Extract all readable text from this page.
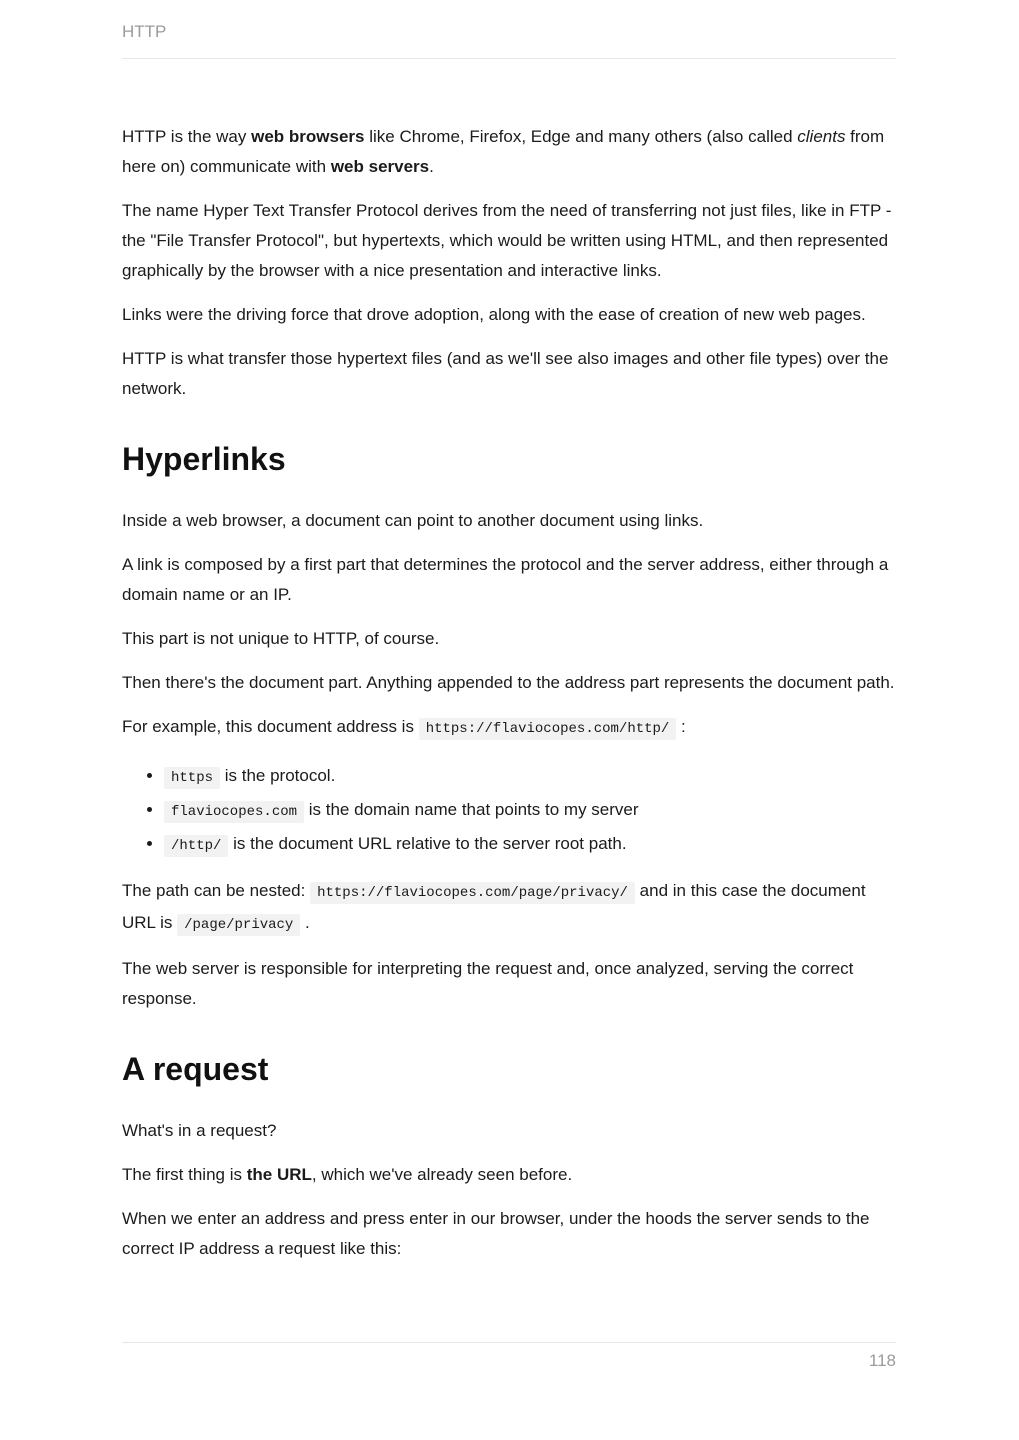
HTTP

HTTP is the way web browsers like Chrome, Firefox, Edge and many others (also called clients from here on) communicate with web servers.

The name Hyper Text Transfer Protocol derives from the need of transferring not just files, like in FTP - the "File Transfer Protocol", but hypertexts, which would be written using HTML, and then represented graphically by the browser with a nice presentation and interactive links.

Links were the driving force that drove adoption, along with the ease of creation of new web pages.

HTTP is what transfer those hypertext files (and as we'll see also images and other file types) over the network.

Hyperlinks

Inside a web browser, a document can point to another document using links.

A link is composed by a first part that determines the protocol and the server address, either through a domain name or an IP.

This part is not unique to HTTP, of course.

Then there's the document part. Anything appended to the address part represents the document path.

For example, this document address is https://flaviocopes.com/http/ :

• https is the protocol.
• flaviocopes.com is the domain name that points to my server
• /http/ is the document URL relative to the server root path.

The path can be nested: https://flaviocopes.com/page/privacy/ and in this case the document URL is /page/privacy .

The web server is responsible for interpreting the request and, once analyzed, serving the correct response.

A request

What's in a request?

The first thing is the URL, which we've already seen before.

When we enter an address and press enter in our browser, under the hoods the server sends to the correct IP address a request like this:

118
